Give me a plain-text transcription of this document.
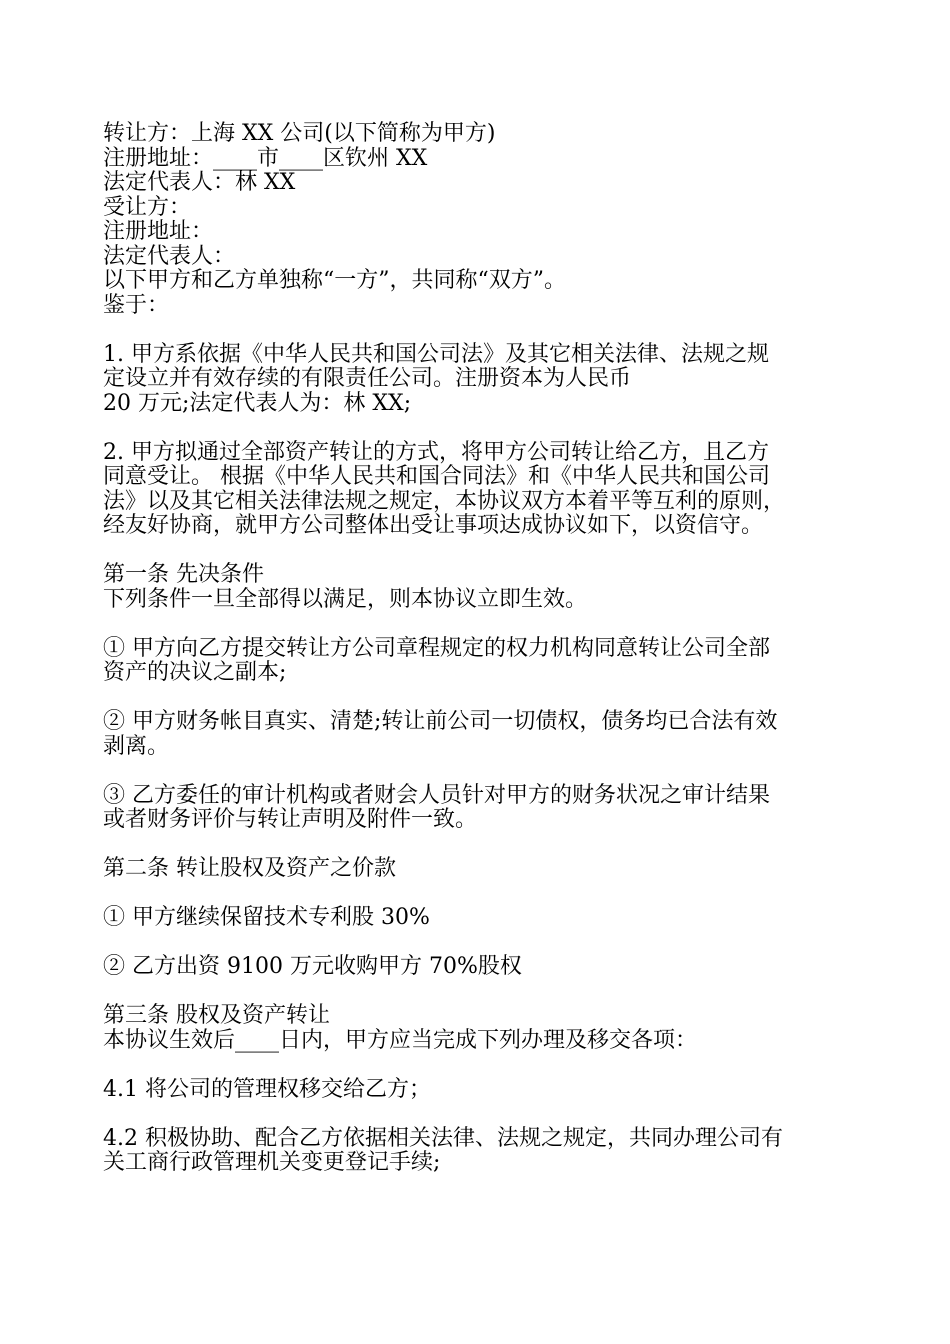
转让方：上海 XX 公司(以下简称为甲方)

注册地址：____市____区钦州 XX

法定代表人：林 XX

受让方：

注册地址：

法定代表人：

以下甲方和乙方单独称“一方”，共同称“双方”。

鉴于：

1. 甲方系依据《中华人民共和国公司法》及其它相关法律、法规之规

定设立并有效存续的有限责任公司。注册资本为人民币

20 万元;法定代表人为：林 XX;

2. 甲方拟通过全部资产转让的方式，将甲方公司转让给乙方，且乙方

同意受让。 根据《中华人民共和国合同法》和《中华人民共和国公司

法》以及其它相关法律法规之规定，本协议双方本着平等互利的原则，

经友好协商，就甲方公司整体出受让事项达成协议如下，以资信守。

第一条 先决条件

下列条件一旦全部得以满足，则本协议立即生效。

① 甲方向乙方提交转让方公司章程规定的权力机构同意转让公司全部

资产的决议之副本;

② 甲方财务帐目真实、清楚;转让前公司一切债权，债务均已合法有效

剥离。

③ 乙方委任的审计机构或者财会人员针对甲方的财务状况之审计结果

或者财务评价与转让声明及附件一致。

第二条 转让股权及资产之价款

① 甲方继续保留技术专利股 30%

② 乙方出资 9100 万元收购甲方 70%股权

第三条 股权及资产转让

本协议生效后____日内，甲方应当完成下列办理及移交各项：

4.1 将公司的管理权移交给乙方；

4.2 积极协助、配合乙方依据相关法律、法规之规定，共同办理公司有

关工商行政管理机关变更登记手续;
